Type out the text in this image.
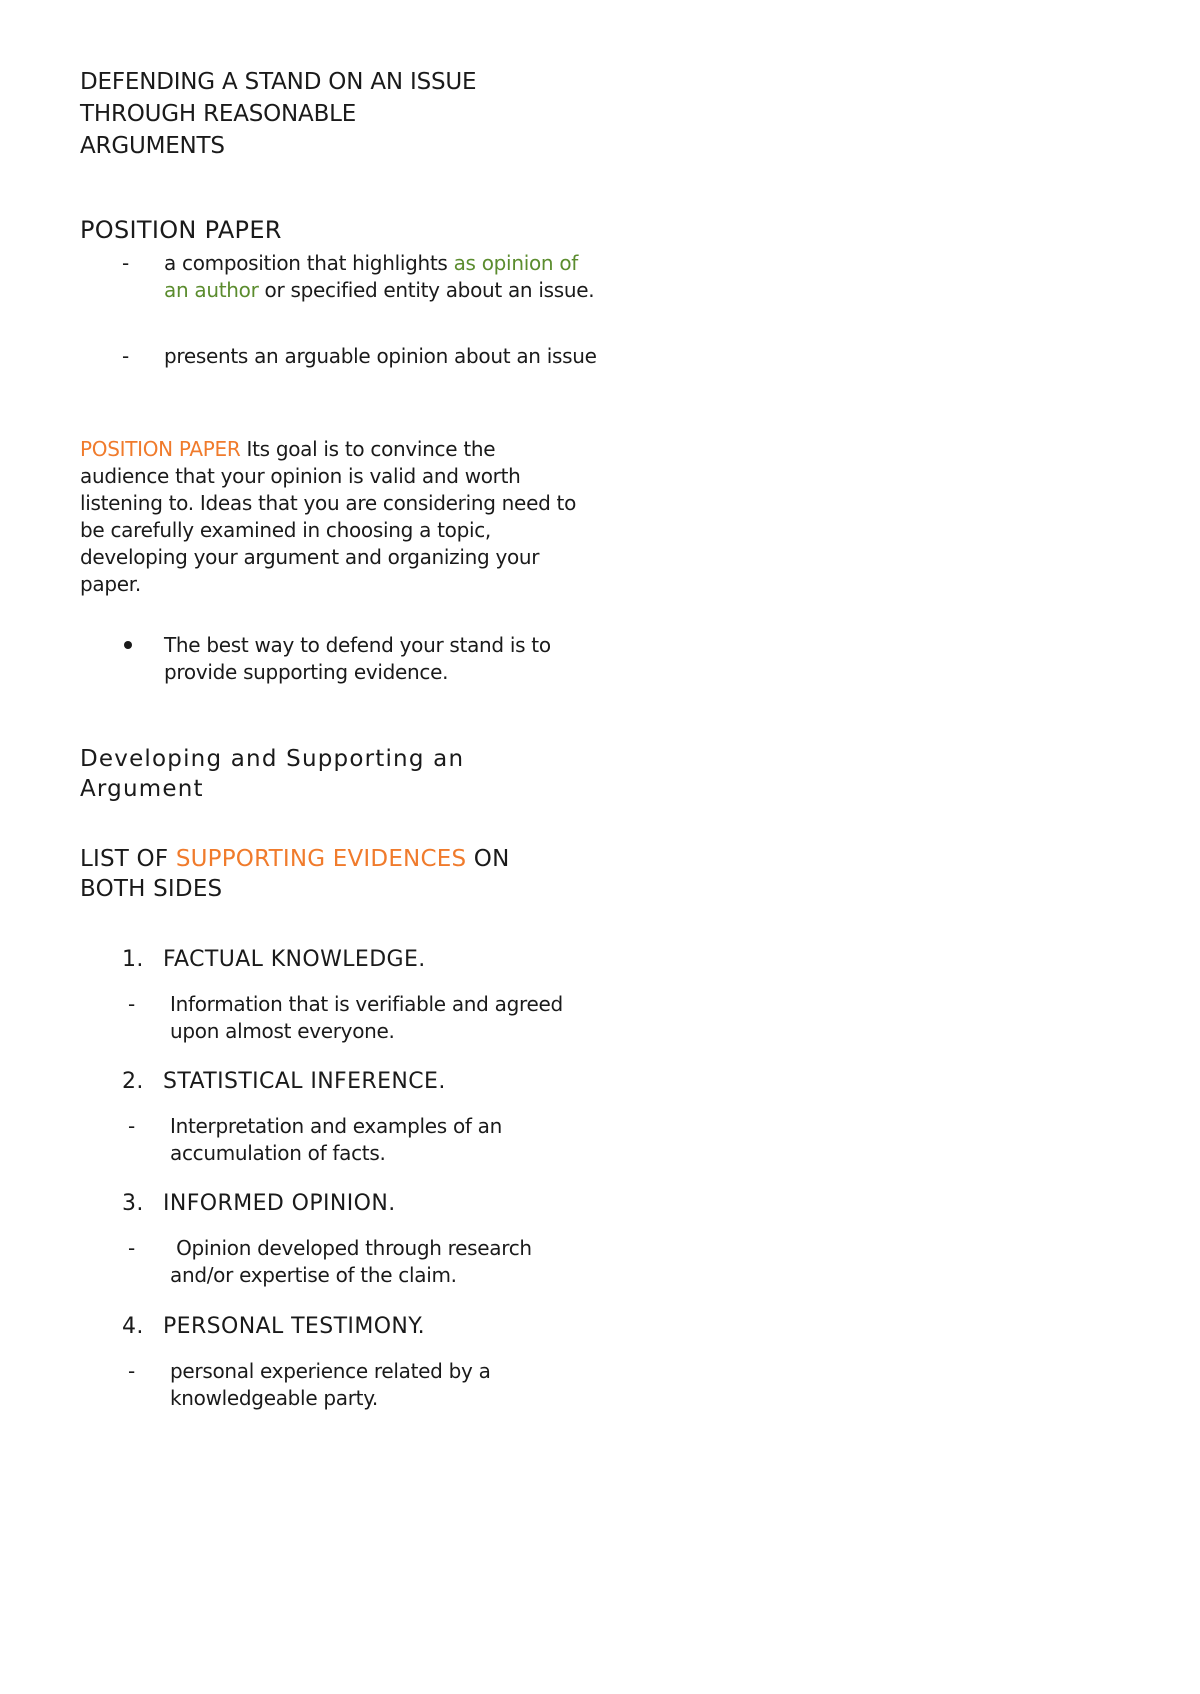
DEFENDING A STAND ON AN ISSUE
THROUGH REASONABLE
ARGUMENTS
POSITION PAPER
- a composition that highlights as opinion of an author or specified entity about an issue.
- presents an arguable opinion about an issue

POSITION PAPER Its goal is to convince the audience that your opinion is valid and worth listening to. Ideas that you are considering need to be carefully examined in choosing a topic, developing your argument and organizing your paper.

The best way to defend your stand is to provide supporting evidence.
Developing and Supporting an Argument
LIST OF SUPPORTING EVIDENCES ON BOTH SIDES
1. FACTUAL KNOWLEDGE.
- Information that is verifiable and agreed upon almost everyone.
2. STATISTICAL INFERENCE.
- Interpretation and examples of an accumulation of facts.
3. INFORMED OPINION.
- Opinion developed through research and/or expertise of the claim.
4. PERSONAL TESTIMONY.
- personal experience related by a knowledgeable party.
